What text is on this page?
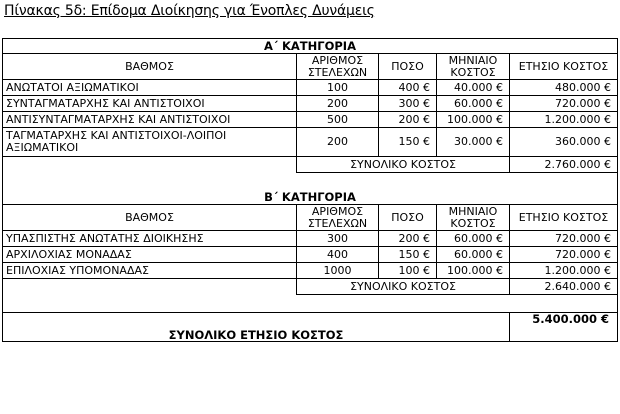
Πίνακας 5δ: Επίδομα Διοίκησης για Ένοπλες Δυνάμεις
Α΄ ΚΑΤΗΓΟΡΙΑ				
ΒΑΘΜΟΣ	ΑΡΙΘΜΟΣ ΣΤΕΛΕΧΩΝ	ΠΟΣΟ	ΜΗΝΙΑΙΟ ΚΟΣΤΟΣ	ΕΤΗΣΙΟ ΚΟΣΤΟΣ
ΑΝΩΤΑΤΟΙ ΑΞΙΩΜΑΤΙΚΟΙ	100	400 €	40.000 €	480.000 €
ΣΥΝΤΑΓΜΑΤΑΡΧΗΣ ΚΑΙ ΑΝΤΙΣΤΟΙΧΟΙ	200	300 €	60.000 €	720.000 €
ΑΝΤΙΣΥΝΤΑΓΜΑΤΑΡΧΗΣ ΚΑΙ ΑΝΤΙΣΤΟΙΧΟΙ	500	200 €	100.000 €	1.200.000 €
ΤΑΓΜΑΤΑΡΧΗΣ ΚΑΙ ΑΝΤΙΣΤΟΙΧΟΙ-ΛΟΙΠΟΙ ΑΞΙΩΜΑΤΙΚΟΙ	200	150 €	30.000 €	360.000 €
	ΣΥΝΟΛΙΚΟ ΚΟΣΤΟΣ			2.760.000 €

Β΄ ΚΑΤΗΓΟΡΙΑ				
ΒΑΘΜΟΣ	ΑΡΙΘΜΟΣ ΣΤΕΛΕΧΩΝ	ΠΟΣΟ	ΜΗΝΙΑΙΟ ΚΟΣΤΟΣ	ΕΤΗΣΙΟ ΚΟΣΤΟΣ
ΥΠΑΣΠΙΣΤΗΣ ΑΝΩΤΑΤΗΣ ΔΙΟΙΚΗΣΗΣ	300	200 €	60.000 €	720.000 €
ΑΡΧΙΛΟΧΙΑΣ ΜΟΝΑΔΑΣ	400	150 €	60.000 €	720.000 €
ΕΠΙΛΟΧΙΑΣ ΥΠΟΜΟΝΑΔΑΣ	1000	100 €	100.000 €	1.200.000 €
	ΣΥΝΟΛΙΚΟ ΚΟΣΤΟΣ			2.640.000 €

ΣΥΝΟΛΙΚΟ ΕΤΗΣΙΟ ΚΟΣΤΟΣ				5.400.000 €
